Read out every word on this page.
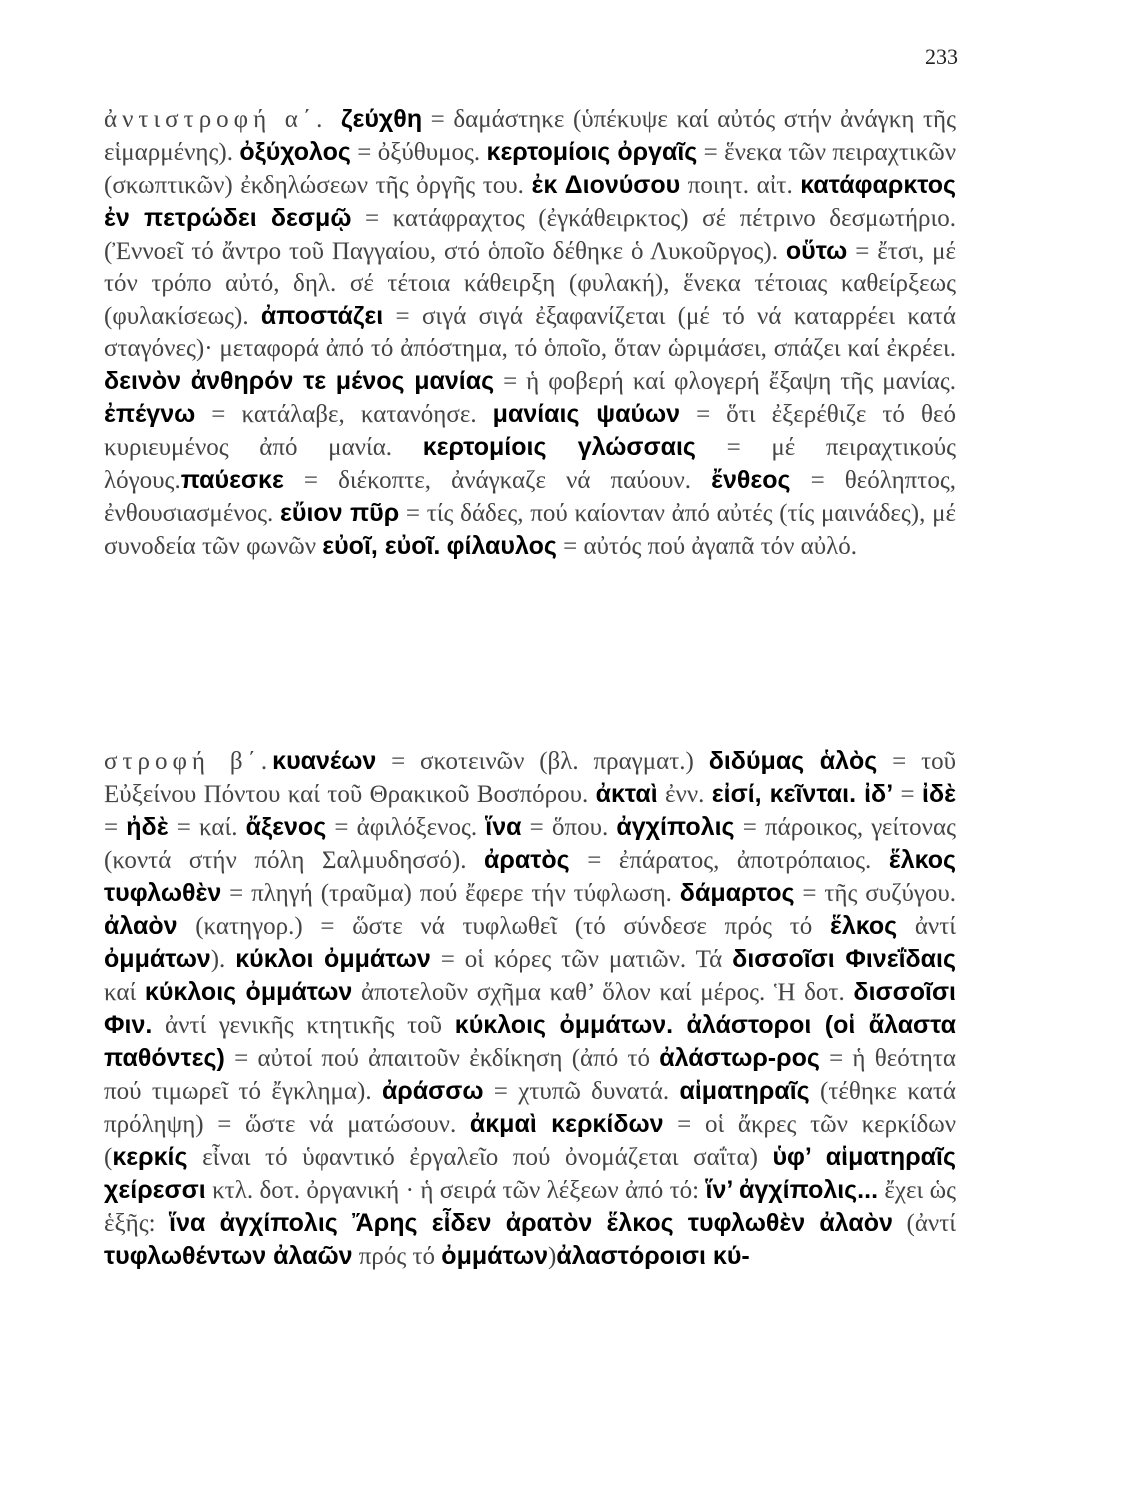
233
ἀντιστροφή α΄. ζεύχθη = δαμάστηκε (ὑπέκυψε καί αὐτός στήν ἀνάγκη τῆς εἱμαρμένης). ὀξύχολος = ὀξύθυμος. κερτομίοις ὀργαῖς = ἕνεκα τῶν πειραχτικῶν (σκωπτικῶν) ἐκδηλώσεων τῆς ὀργῆς του. ἐκ Διονύσου ποιητ. αἰτ. κατάφαρκτος ἐν πετρώδει δεσμῷ = κατάφραχτος (ἐγκάθειρκτος) σέ πέτρινο δεσμωτήριο. (Ἐννοεῖ τό ἄντρο τοῦ Παγγαίου, στό ὁποῖο δέθηκε ὁ Λυκοῦργος). οὕτω = ἔτσι, μέ τόν τρόπο αὐτό, δηλ. σέ τέτοια κάθειρξη (φυλακή), ἕνεκα τέτοιας καθείρξεως (φυλακίσεως). ἀποστάζει = σιγά σιγά ἐξαφανίζεται (μέ τό νά καταρρέει κατά σταγόνες)· μεταφορά ἀπό τό ἀπόστημα, τό ὁποῖο, ὅταν ὡριμάσει, σπάζει καί ἐκρέει. δεινὸν ἀνθηρόν τε μένος μανίας = ἡ φοβερή καί φλογερή ἔξαψη τῆς μανίας. ἐπέγνω = κατάλαβε, κατανόησε. μανίαις ψαύων = ὅτι ἐξερέθιζε τό θεό κυριευμένος ἀπό μανία. κερτομίοις γλώσσαις = μέ πειραχτικούς λόγους.παύεσκε = διέκοπτε, ἀνάγκαζε νά παύουν. ἔνθεος = θεόληπτος, ἐνθουσιασμένος. εὔιον πῦρ = τίς δάδες, πού καίονταν ἀπό αὐτές (τίς μαινάδες), μέ συνοδεία τῶν φωνῶν εὐοῖ, εὐοῖ. φίλαυλος = αὐτός πού ἀγαπᾶ τόν αὐλό.
στροφή β΄.κυανέων = σκοτεινῶν (βλ. πραγματ.) διδύμας ἁλὸς = τοῦ Εὐξείνου Πόντου καί τοῦ Θρακικοῦ Βοσπόρου. ἀκταὶ ἐνν. εἰσί, κεῖνται. ἰδ’ = ἰδὲ = ἠδὲ = καί. ἄξενος = ἀφιλόξενος. ἵνα = ὅπου. ἀγχίπολις = πάροικος, γείτονας (κοντά στήν πόλη Σαλμυδησσό). ἀρατὸς = ἐπάρατος, ἀποτρόπαιος. ἕλκος τυφλωθὲν = πληγή (τραῦμα) πού ἔφερε τήν τύφλωση. δάμαρτος = τῆς συζύγου. ἀλαὸν (κατηγορ.) = ὥστε νά τυφλωθεῖ (τό σύνδεσε πρός τό ἕλκος ἀντί ὀμμάτων). κύκλοι ὀμμάτων = οἱ κόρες τῶν ματιῶν. Τά δισσοῖσι Φινεΐδαις καί κύκλοις ὀμμάτων ἀποτελοῦν σχῆμα καθ’ ὅλον καί μέρος. Ἡ δοτ. δισσοῖσι Φιν. ἀντί γενικῆς κτητικῆς τοῦ κύκλοις ὀμμάτων. ἀλάστοροι (οἱ ἄλαστα παθόντες) = αὐτοί πού ἀπαιτοῦν ἐκδίκηση (ἀπό τό ἀλάστωρ-ρος = ἡ θεότητα πού τιμωρεῖ τό ἔγκλημα). ἀράσσω = χτυπῶ δυνατά. αἱματηραῖς (τέθηκε κατά πρόληψη) = ὥστε νά ματώσουν. ἀκμαὶ κερκίδων = οἱ ἄκρες τῶν κερκίδων (κερκίς εἶναι τό ὑφαντικό ἐργαλεῖο πού ὀνομάζεται σαΐτα) ὑφ’ αἱματηραῖς χείρεσσι κτλ. δοτ. ὀργανική · ἡ σειρά τῶν λέξεων ἀπό τό: ἵν’ ἀγχίπολις... ἔχει ὡς ἑξῆς: ἵνα ἀγχίπολις Ἄρης εἶδεν ἀρατὸν ἕλκος τυφλωθὲν ἀλαὸν (ἀντί τυφλωθέντων ἀλαῶν πρός τό ὀμμάτων)ἀλαστόροισι κύ-
